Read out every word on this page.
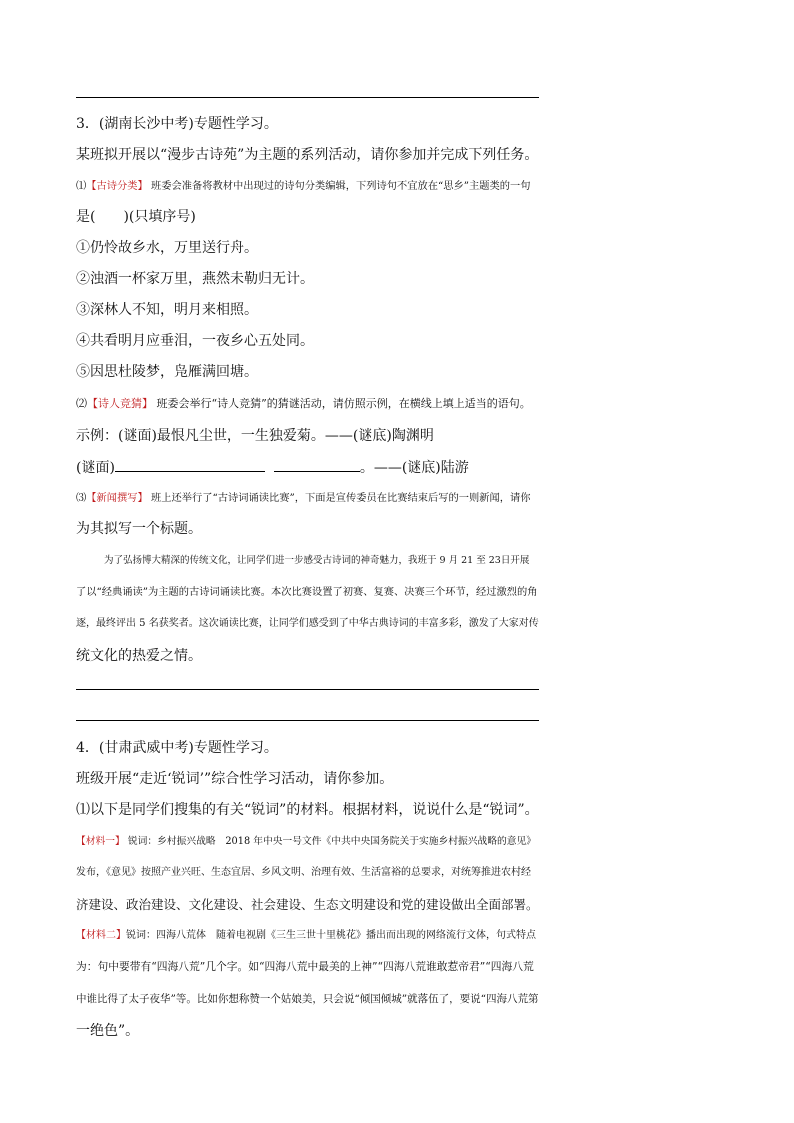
3．(湖南长沙中考)专题性学习。
某班拟开展以“漫步古诗苑”为主题的系列活动，请你参加并完成下列任务。
⑴【古诗分类】 班委会准备将教材中出现过的诗句分类编辑，下列诗句不宜放在“思乡”主题类的一句
是(　　)(只填序号)
①仍怜故乡水，万里送行舟。
②浊酒一杯家万里，燕然未勒归无计。
③深林人不知，明月来相照。
④共看明月应垂泪，一夜乡心五处同。
⑤因思杜陵梦，凫雁满回塘。
⑵【诗人竞猜】 班委会举行“诗人竞猜”的猜谜活动，请仿照示例，在横线上填上适当的语句。
示例：(谜面)最恨凡尘世，一生独爱菊。——(谜底)陶渊明
(谜面)	。——(谜底)陆游
⑶【新闻撰写】 班上还举行了“古诗词诵读比赛”，下面是宣传委员在比赛结束后写的一则新闻，请你
为其拟写一个标题。
为了弘扬博大精深的传统文化，让同学们进一步感受古诗词的神奇魅力，我班于 9 月 21 至 23日开展
了以“经典诵读”为主题的古诗词诵读比赛。本次比赛设置了初赛、复赛、决赛三个环节，经过激烈的角
逐，最终评出 5 名获奖者。这次诵读比赛，让同学们感受到了中华古典诗词的丰富多彩，激发了大家对传
统文化的热爱之情。
4．(甘肃武威中考)专题性学习。
班级开展“走近‘锐词’”综合性学习活动，请你参加。
⑴以下是同学们搜集的有关“锐词”的材料。根据材料，说说什么是“锐词”。
【材料一】 锐词：乡村振兴战略　2018 年中央一号文件《中共中央国务院关于实施乡村振兴战略的意见》
发布，《意见》按照产业兴旺、生态宜居、乡风文明、治理有效、生活富裕的总要求，对统筹推进农村经
济建设、政治建设、文化建设、社会建设、生态文明建设和党的建设做出全面部署。
【材料二】锐词：四海八荒体　随着电视剧《三生三世十里桃花》播出而出现的网络流行文体，句式特点
为：句中要带有“四海八荒”几个字。如“四海八荒中最美的上神”“四海八荒谁敢惹帝君”“四海八荒
中谁比得了太子夜华”等。比如你想称赞一个姑娘美，只会说“倾国倾城”就落伍了，要说“四海八荒第
一绝色”。
